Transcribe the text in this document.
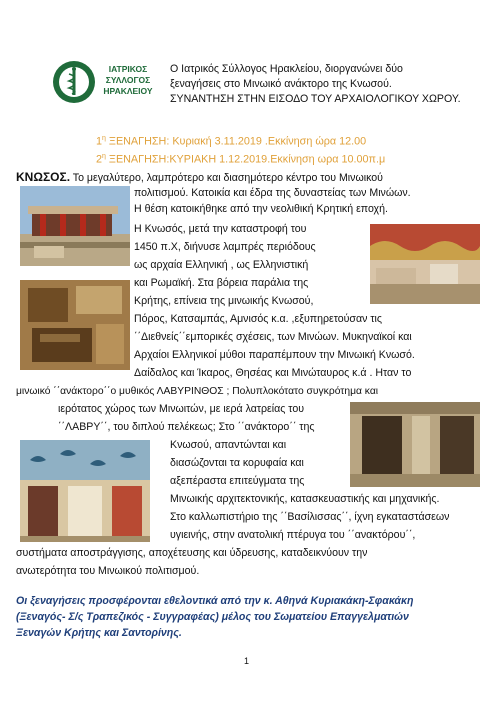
ΙΑΤΡΙΚΟΣ ΣΥΛΛΟΓΟΣ ΗΡΑΚΛΕΙΟΥ
Ο Ιατρικός Σύλλογος Ηρακλείου, διοργανώνει δύο
ξεναγήσεις στο Μινωικό ανάκτορο της Κνωσού.
ΣΥΝΑΝΤΗΣΗ ΣΤΗΝ ΕΙΣΟΔΟ ΤΟΥ ΑΡΧΑΙΟΛΟΓΙΚΟΥ ΧΩΡΟΥ.
$1^\eta$ ΞΕΝΑΓΗΣΗ: Κυριακή 3.11.2019 .Εκκίνηση ώρα 12.00
$2^\eta$ ΞΕΝΑΓΗΣΗ:ΚΥΡΙΑΚΗ 1.12.2019.Εκκίνηση ωρα 10.00π.μ
ΚΝΩΣΟΣ. Το μεγαλύτερο, λαμπρότερο και διασημότερο κέντρο του Μινωικού
πολιτισμού. Κατοικία και έδρα της δυναστείας των Μινώων.
Η θέση κατοικήθηκε από την νεολιθική Κρητική εποχή.
Η Κνωσός, μετά την καταστροφή του
1450 π.Χ, διήνυσε λαμπρές περιόδους
ως αρχαία Ελληνική , ως Ελληνιστική
και Ρωμαϊκή. Στα βόρεια παράλια της
Κρήτης, επίνεια της μινωικής Κνωσού,
Πόρος, Κατσαμπάς, Αμνισός κ.α. ,εξυπηρετούσαν τις
΄΄Διεθνείς΄΄εμπορικές σχέσεις, των Μινώων. Μυκηναϊκοί και
Αρχαίοι Ελληνικοί μύθοι παραπέμπουν την Μινωική Κνωσό.
Δαίδαλος και Ίκαρος, Θησέας και Μινώταυρος κ.ά . Ηταν το
μινωικό ΄΄ανάκτορο΄΄ο μυθικός ΛΑΒΥΡΙΝΘΟΣ ; Πολυπλοκότατο συγκρότημα και
ιερότατος χώρος των Μινωιτών, με ιερά λατρείας του
΄΄ΛΑΒΡΥ΄΄, του διπλού πελέκεως; Στο ΄΄ανάκτορο΄΄ της
Κνωσού, απαντώνται και
διασώζονται τα κορυφαία και
αξεπέραστα επιτεύγματα της
Μινωικής αρχιτεκτονικής, κατασκευαστικής και μηχανικής.
Στο καλλωπιστήριο της ΄΄Βασίλισσας΄΄, ίχνη εγκαταστάσεων
υγιεινής, στην ανατολική πτέρυγα του ΄΄ανακτόρου΄΄,
συστήματα αποστράγγισης, αποχέτευσης και ύδρευσης, καταδεικνύουν την
ανωτερότητα του Μινωικού πολιτισμού.
Οι ξεναγήσεις προσφέρονται εθελοντικά από την κ. Αθηνά Κυριακάκη-Σφακάκη
(Ξεναγός- Σ/ς Τραπεζικός - Συγγραφέας) μέλος του Σωματείου Επαγγελματιών
Ξεναγών Κρήτης και Σαντορίνης.
1
